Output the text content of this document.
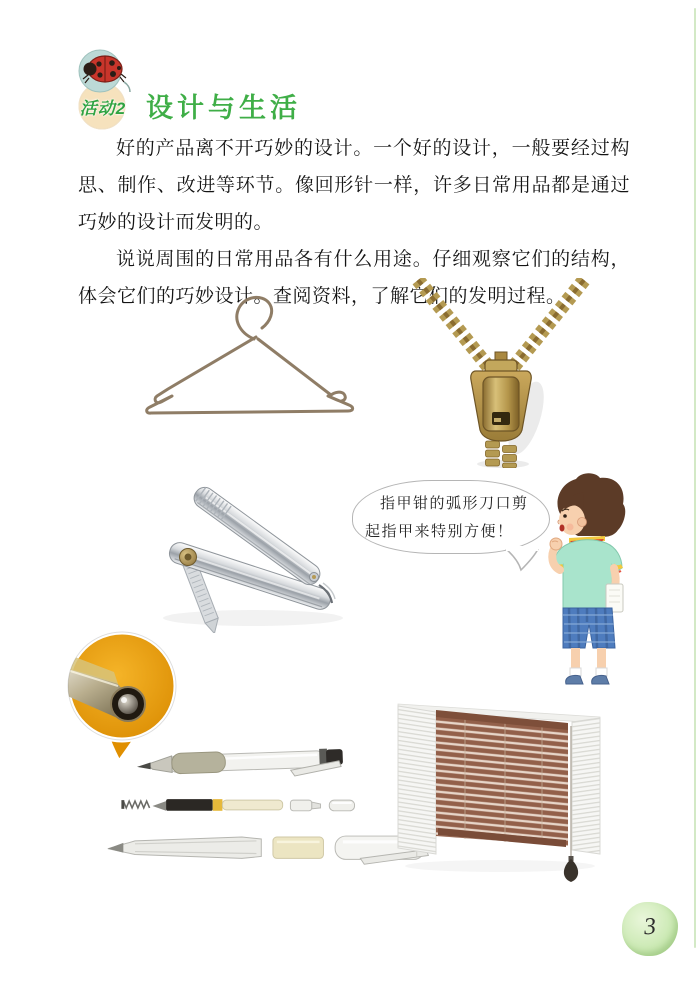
活动2 设计与生活

好的产品离不开巧妙的设计。一个好的设计，一般要经过构思、制作、改进等环节。像回形针一样，许多日常用品都是通过巧妙的设计而发明的。

说说周围的日常用品各有什么用途。仔细观察它们的结构，体会它们的巧妙设计。查阅资料，了解它们的发明过程。

指甲钳的弧形刀口剪起指甲来特别方便！
3
